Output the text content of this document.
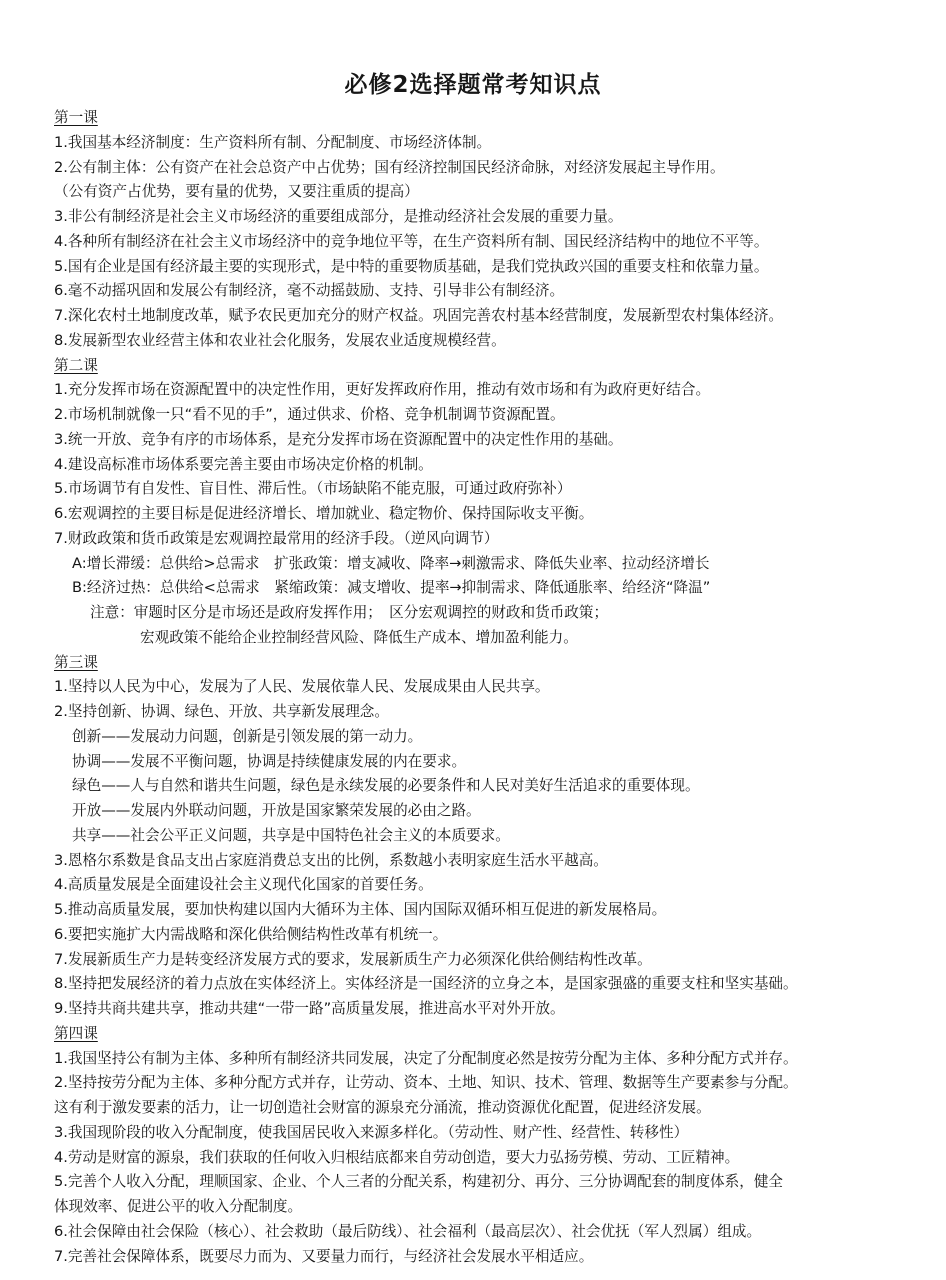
必修2选择题常考知识点
第一课
1.我国基本经济制度：生产资料所有制、分配制度、市场经济体制。
2.公有制主体：公有资产在社会总资产中占优势；国有经济控制国民经济命脉，对经济发展起主导作用。
（公有资产占优势，要有量的优势，又要注重质的提高）
3.非公有制经济是社会主义市场经济的重要组成部分，是推动经济社会发展的重要力量。
4.各种所有制经济在社会主义市场经济中的竞争地位平等，在生产资料所有制、国民经济结构中的地位不平等。
5.国有企业是国有经济最主要的实现形式，是中特的重要物质基础，是我们党执政兴国的重要支柱和依靠力量。
6.毫不动摇巩固和发展公有制经济，毫不动摇鼓励、支持、引导非公有制经济。
7.深化农村土地制度改革，赋予农民更加充分的财产权益。巩固完善农村基本经营制度，发展新型农村集体经济。
8.发展新型农业经营主体和农业社会化服务，发展农业适度规模经营。
第二课
1.充分发挥市场在资源配置中的决定性作用，更好发挥政府作用，推动有效市场和有为政府更好结合。
2.市场机制就像一只“看不见的手”，通过供求、价格、竞争机制调节资源配置。
3.统一开放、竞争有序的市场体系，是充分发挥市场在资源配置中的决定性作用的基础。
4.建设高标准市场体系要完善主要由市场决定价格的机制。
5.市场调节有自发性、盲目性、滞后性。（市场缺陷不能克服，可通过政府弥补）
6.宏观调控的主要目标是促进经济增长、增加就业、稳定物价、保持国际收支平衡。
7.财政政策和货币政策是宏观调控最常用的经济手段。（逆风向调节）
A:增长滞缓：总供给>总需求　扩张政策：增支减收、降率→刺激需求、降低失业率、拉动经济增长
B:经济过热：总供给<总需求　紧缩政策：减支增收、提率→抑制需求、降低通胀率、给经济“降温”
注意：审题时区分是市场还是政府发挥作用；　区分宏观调控的财政和货币政策；
宏观政策不能给企业控制经营风险、降低生产成本、增加盈利能力。
第三课
1.坚持以人民为中心，发展为了人民、发展依靠人民、发展成果由人民共享。
2.坚持创新、协调、绿色、开放、共享新发展理念。
创新——发展动力问题，创新是引领发展的第一动力。
协调——发展不平衡问题，协调是持续健康发展的内在要求。
绿色——人与自然和谐共生问题，绿色是永续发展的必要条件和人民对美好生活追求的重要体现。
开放——发展内外联动问题，开放是国家繁荣发展的必由之路。
共享——社会公平正义问题，共享是中国特色社会主义的本质要求。
3.恩格尔系数是食品支出占家庭消费总支出的比例，系数越小表明家庭生活水平越高。
4.高质量发展是全面建设社会主义现代化国家的首要任务。
5.推动高质量发展，要加快构建以国内大循环为主体、国内国际双循环相互促进的新发展格局。
6.要把实施扩大内需战略和深化供给侧结构性改革有机统一。
7.发展新质生产力是转变经济发展方式的要求，发展新质生产力必须深化供给侧结构性改革。
8.坚持把发展经济的着力点放在实体经济上。实体经济是一国经济的立身之本，是国家强盛的重要支柱和坚实基础。
9.坚持共商共建共享，推动共建“一带一路”高质量发展，推进高水平对外开放。
第四课
1.我国坚持公有制为主体、多种所有制经济共同发展，决定了分配制度必然是按劳分配为主体、多种分配方式并存。
2.坚持按劳分配为主体、多种分配方式并存，让劳动、资本、土地、知识、技术、管理、数据等生产要素参与分配。
这有利于激发要素的活力，让一切创造社会财富的源泉充分涌流，推动资源优化配置，促进经济发展。
3.我国现阶段的收入分配制度，使我国居民收入来源多样化。（劳动性、财产性、经营性、转移性）
4.劳动是财富的源泉，我们获取的任何收入归根结底都来自劳动创造，要大力弘扬劳模、劳动、工匠精神。
5.完善个人收入分配，理顺国家、企业、个人三者的分配关系，构建初分、再分、三分协调配套的制度体系，健全
体现效率、促进公平的收入分配制度。
6.社会保障由社会保险（核心）、社会救助（最后防线）、社会福利（最高层次）、社会优抚（军人烈属）组成。
7.完善社会保障体系，既要尽力而为、又要量力而行，与经济社会发展水平相适应。
